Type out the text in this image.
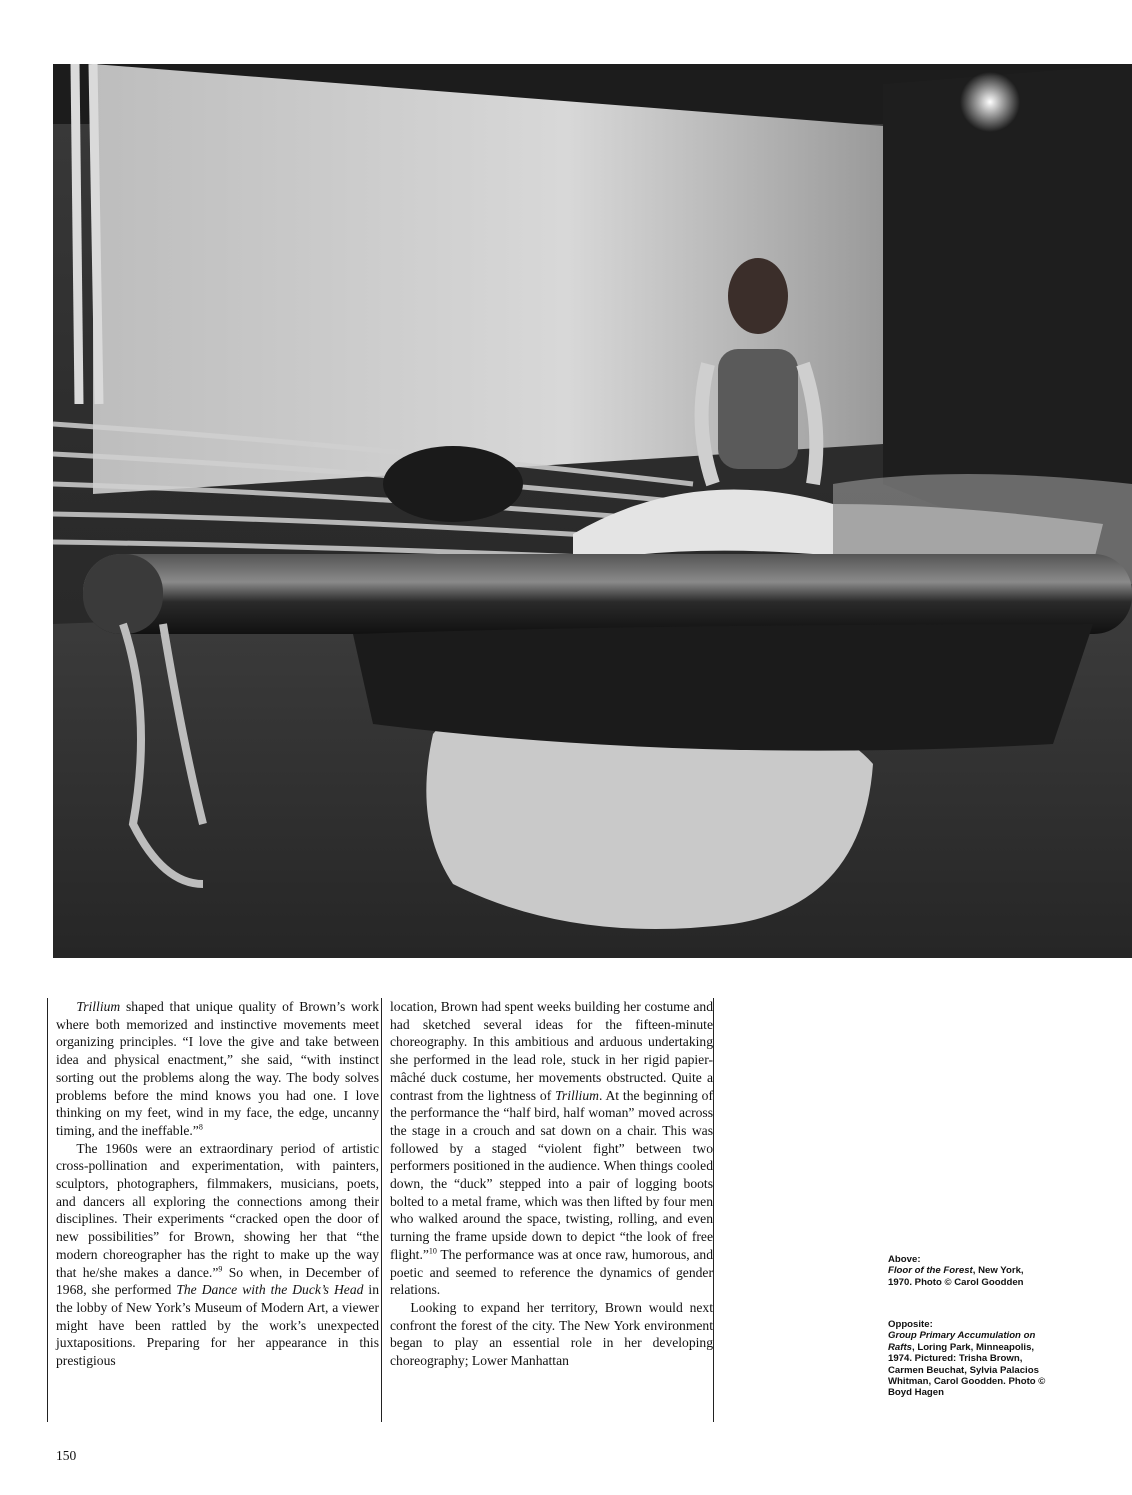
Trillium shaped that unique quality of Brown’s work where both memorized and instinctive movements meet organizing principles. “I love the give and take between idea and physical enactment,” she said, “with instinct sorting out the problems along the way. The body solves problems before the mind knows you had one. I love thinking on my feet, wind in my face, the edge, uncanny timing, and the ineffable.”$^8$

The 1960s were an extraordinary period of artistic cross-pollination and experimentation, with painters, sculptors, photographers, filmmakers, musicians, poets, and dancers all exploring the connections among their disciplines. Their experiments “cracked open the door of new possibilities” for Brown, showing her that “the modern choreographer has the right to make up the way that he/she makes a dance.”$^9$ So when, in December of 1968, she performed The Dance with the Duck’s Head in the lobby of New York’s Museum of Modern Art, a viewer might have been rattled by the work’s unexpected juxtapositions. Preparing for her appearance in this prestigious

location, Brown had spent weeks building her costume and had sketched several ideas for the fifteen-minute choreography. In this ambitious and arduous undertaking she performed in the lead role, stuck in her rigid papier-mâché duck costume, her movements obstructed. Quite a contrast from the lightness of Trillium. At the beginning of the performance the “half bird, half woman” moved across the stage in a crouch and sat down on a chair. This was followed by a staged “violent fight” between two performers positioned in the audience. When things cooled down, the “duck” stepped into a pair of logging boots bolted to a metal frame, which was then lifted by four men who walked around the space, twisting, rolling, and even turning the frame upside down to depict “the look of free flight.”$^{10}$ The performance was at once raw, humorous, and poetic and seemed to reference the dynamics of gender relations.

Looking to expand her territory, Brown would next confront the forest of the city. The New York environment began to play an essential role in her developing choreography; Lower Manhattan

Above:
Floor of the Forest, New York, 1970. Photo © Carol Goodden
Opposite:
Group Primary Accumulation on Rafts, Loring Park, Minneapolis, 1974. Pictured: Trisha Brown, Carmen Beuchat, Sylvia Palacios Whitman, Carol Goodden. Photo © Boyd Hagen
150
